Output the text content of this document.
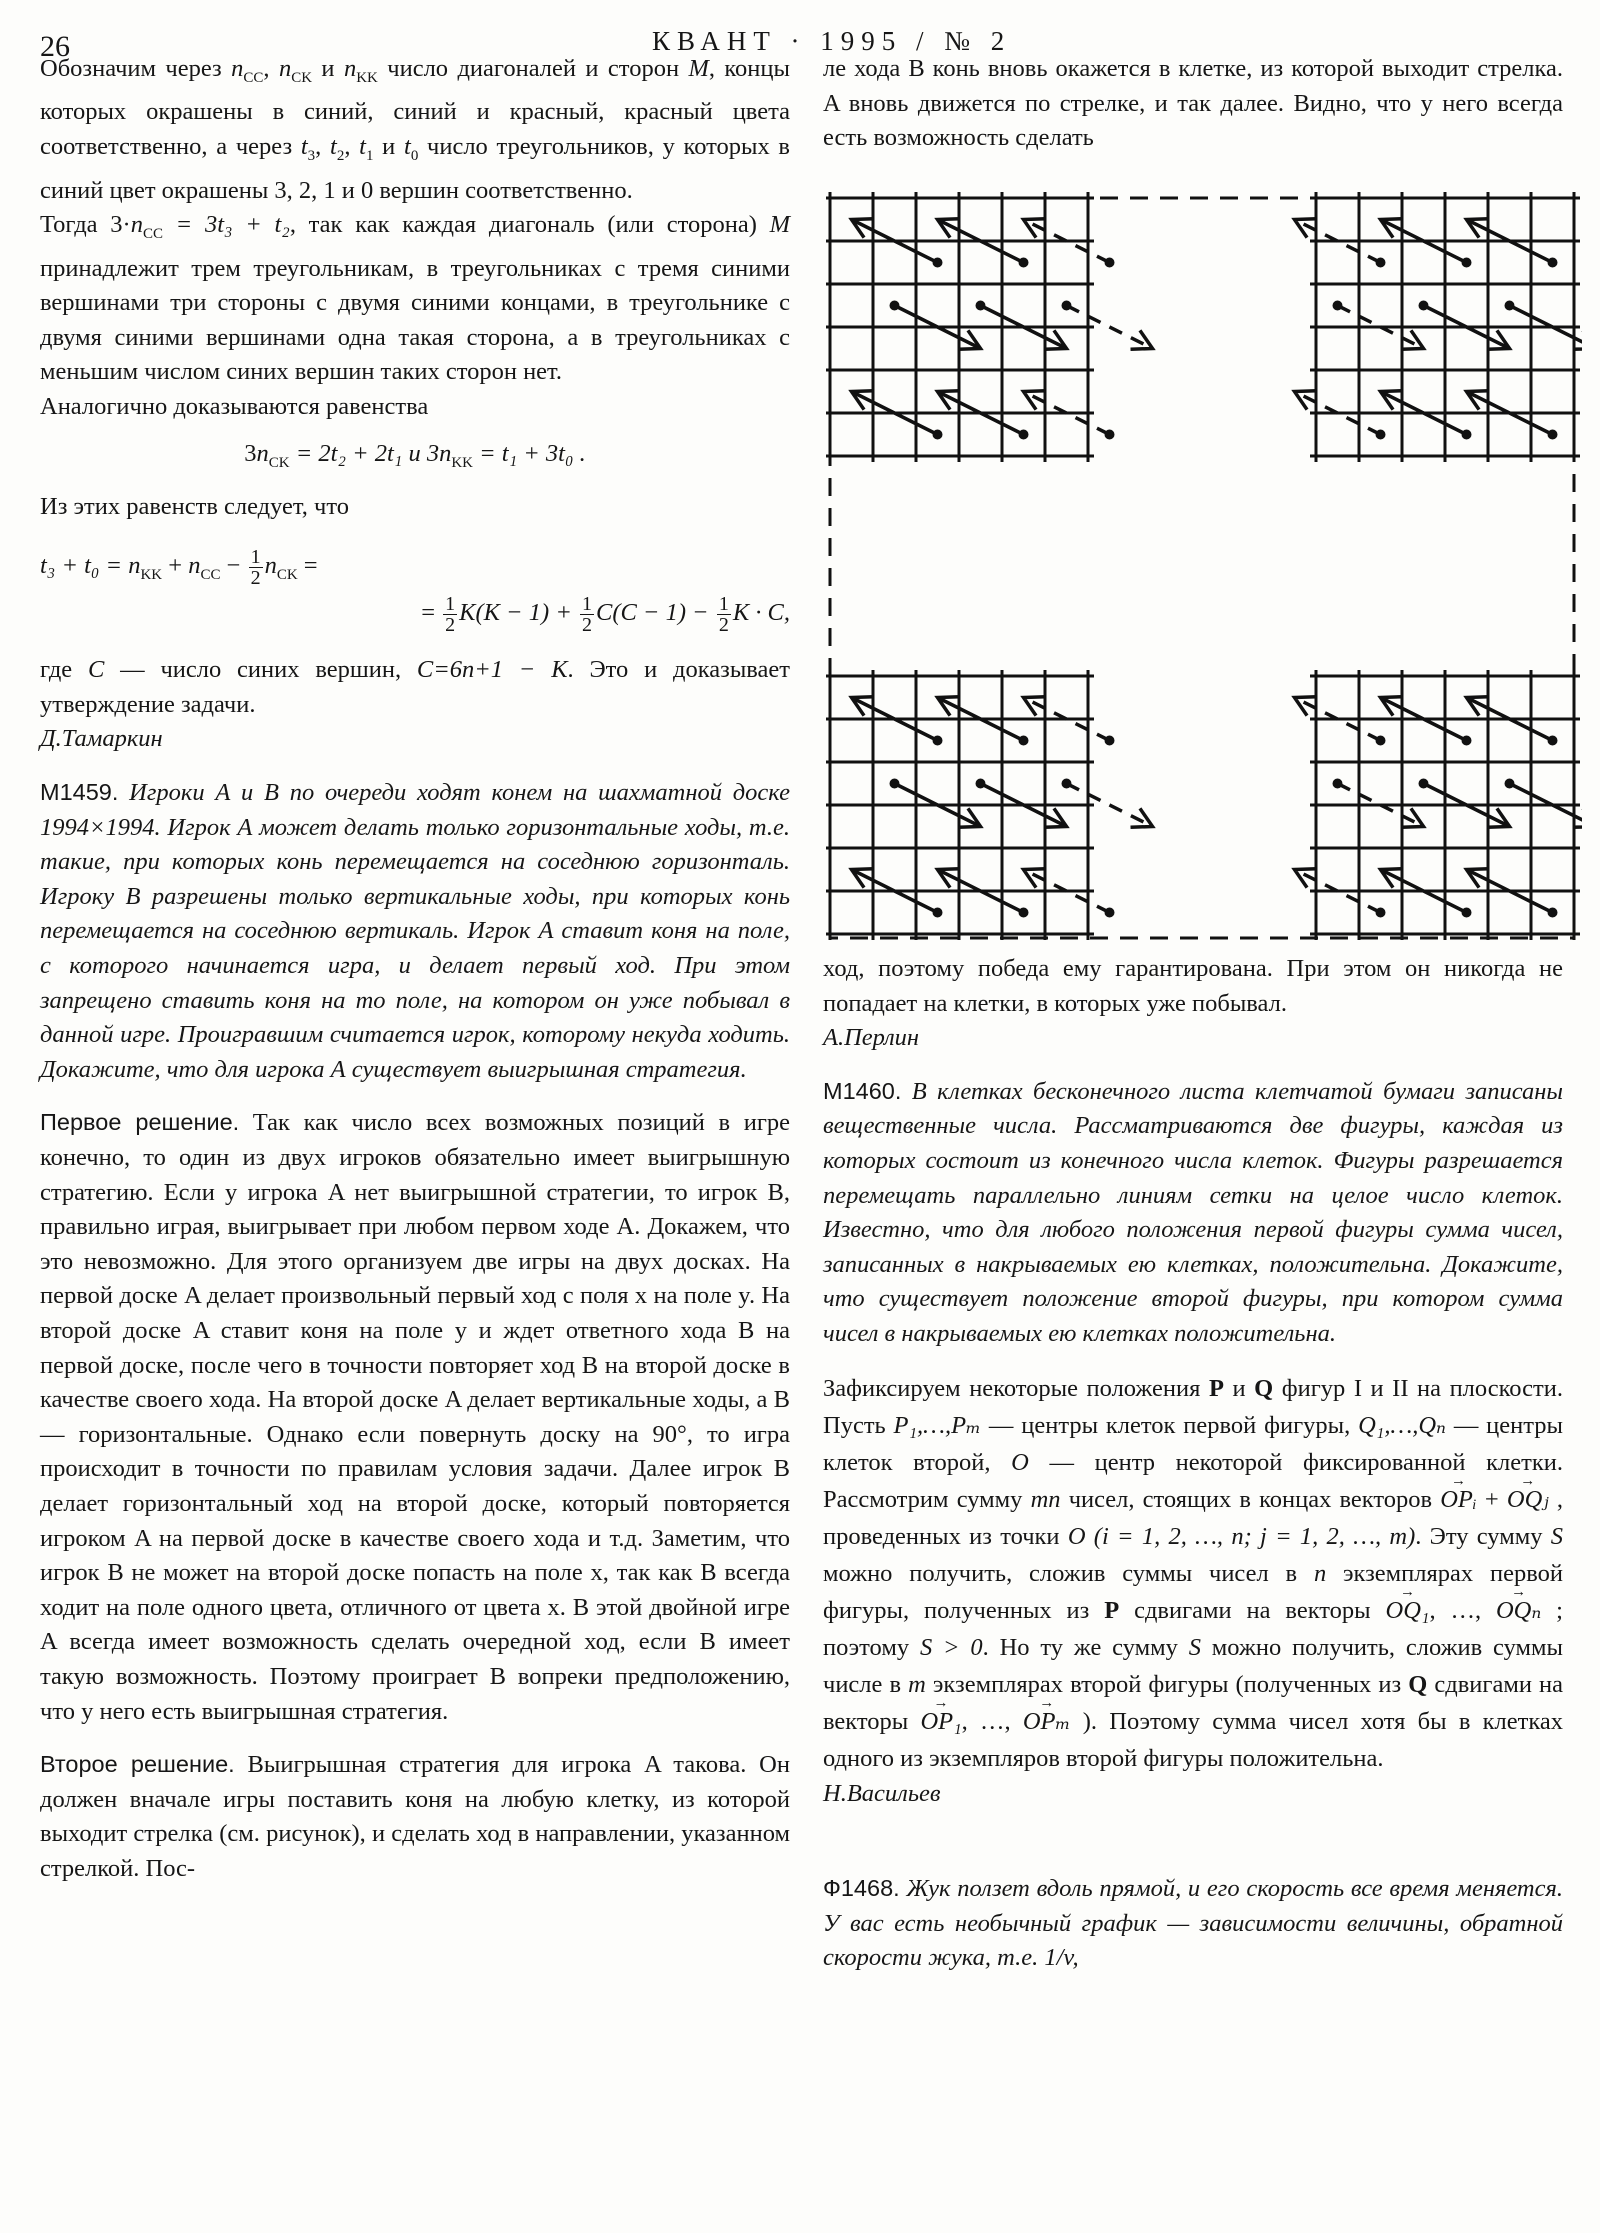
26	КВАНТ · 1995 / № 2

Обозначим через $n_{CC}$, $n_{CK}$ и $n_{KK}$ число диагоналей и сторон M, концы которых окрашены в синий, синий и красный, красный цвета соответственно, а через $t_3$, $t_2$, $t_1$ и $t_0$ число треугольников, у которых в синий цвет окрашены 3, 2, 1 и 0 вершин соответственно.

Тогда $3\cdot n_{CC} = 3t_3 + t_2$, так как каждая диагональ (или сторона) M принадлежит трем треугольникам, в треугольниках с тремя синими вершинами три стороны с двумя синими концами, в треугольнике с двумя синими вершинами одна такая сторона, а в треугольниках с меньшим числом синих вершин таких сторон нет.

Аналогично доказываются равенства

$3n_{CK} = 2t_2 + 2t_1$ и $3n_{KK} = t_1 + 3t_0$ .

Из этих равенств следует, что

$t_3 + t_0 = n_{KK} + n_{CC} - \frac{1}{2} n_{CK}$ =
= $\frac{1}{2} K(K - 1) + \frac{1}{2} C(C - 1) - \frac{1}{2}$ K · C,

где C — число синих вершин, C=6n+1 − K. Это и доказывает утверждение задачи.

Д.Тамаркин

М1459. Игроки А и В по очереди ходят конем на шахматной доске 1994×1994. Игрок А может делать только горизонтальные ходы, т.е. такие, при которых конь перемещается на соседнюю горизонталь. Игроку В разрешены только вертикальные ходы, при которых конь перемещается на соседнюю вертикаль. Игрок А ставит коня на поле, с которого начинается игра, и делает первый ход. При этом запрещено ставить коня на то поле, на котором он уже побывал в данной игре. Проигравшим считается игрок, которому некуда ходить. Докажите, что для игрока А существует выигрышная стратегия.

Первое решение. Так как число всех возможных позиций в игре конечно, то один из двух игроков обязательно имеет выигрышную стратегию. Если у игрока A нет выигрышной стратегии, то игрок B, правильно играя, выигрывает при любом первом ходе A. Докажем, что это невозможно. Для этого организуем две игры на двух досках. На первой доске A делает произвольный первый ход с поля x на поле y. На второй доске A ставит коня на поле y и ждет ответного хода B на первой доске, после чего в точности повторяет ход B на второй доске в качестве своего хода. На второй доске A делает вертикальные ходы, а B — горизонтальные. Однако если повернуть доску на 90°, то игра происходит в точности по правилам условия задачи. Далее игрок B делает горизонтальный ход на второй доске, который повторяется игроком A на первой доске в качестве своего хода и т.д. Заметим, что игрок B не может на второй доске попасть на поле x, так как B всегда ходит на поле одного цвета, отличного от цвета x. В этой двойной игре A всегда имеет возможность сделать очередной ход, если B имеет такую возможность. Поэтому проиграет B вопреки предположению, что у него есть выигрышная стратегия.

Второе решение. Выигрышная стратегия для игрока A такова. Он должен вначале игры поставить коня на любую клетку, из которой выходит стрелка (см. рисунок), и сделать ход в направлении, указанном стрелкой. Пос-

ле хода B конь вновь окажется в клетке, из которой выходит стрелка. A вновь движется по стрелке, и так далее. Видно, что у него всегда есть возможность сделать

ход, поэтому победа ему гарантирована. При этом он никогда не попадает на клетки, в которых уже побывал.

А.Перлин

М1460. В клетках бесконечного листа клетчатой бумаги записаны вещественные числа. Рассматриваются две фигуры, каждая из которых состоит из конечного числа клеток. Фигуры разрешается перемещать параллельно линиям сетки на целое число клеток. Известно, что для любого положения первой фигуры сумма чисел, записанных в накрываемых ею клетках, положительна. Докажите, что существует положение второй фигуры, при котором сумма чисел в накрываемых ею клетках положительна.

Зафиксируем некоторые положения P и Q фигур I и II на плоскости. Пусть P₁,…,Pₘ — центры клеток первой фигуры, Q₁,…,Qₙ — центры клеток второй, O — центр некоторой фиксированной клетки. Рассмотрим сумму mn чисел, стоящих в концах векторов → OPᵢ + → OQⱼ , проведенных из точки O (i = 1, 2, …, n; j = 1, 2, …, m). Эту сумму S можно получить, сложив суммы чисел в n экземплярах первой фигуры, полученных из P сдвигами на векторы → OQ₁, …, → OQₙ ; поэтому S > 0. Но ту же сумму S можно получить, сложив суммы числе в m экземплярах второй фигуры (полученных из Q сдвигами на векторы → OP₁, …, → OPₘ ). Поэтому сумма чисел хотя бы в клетках одного из экземпляров второй фигуры положительна.

Н.Васильев

Ф1468. Жук ползет вдоль прямой, и его скорость все время меняется. У вас есть необычный график — зависимости величины, обратной скорости жука, т.е. 1/v,
